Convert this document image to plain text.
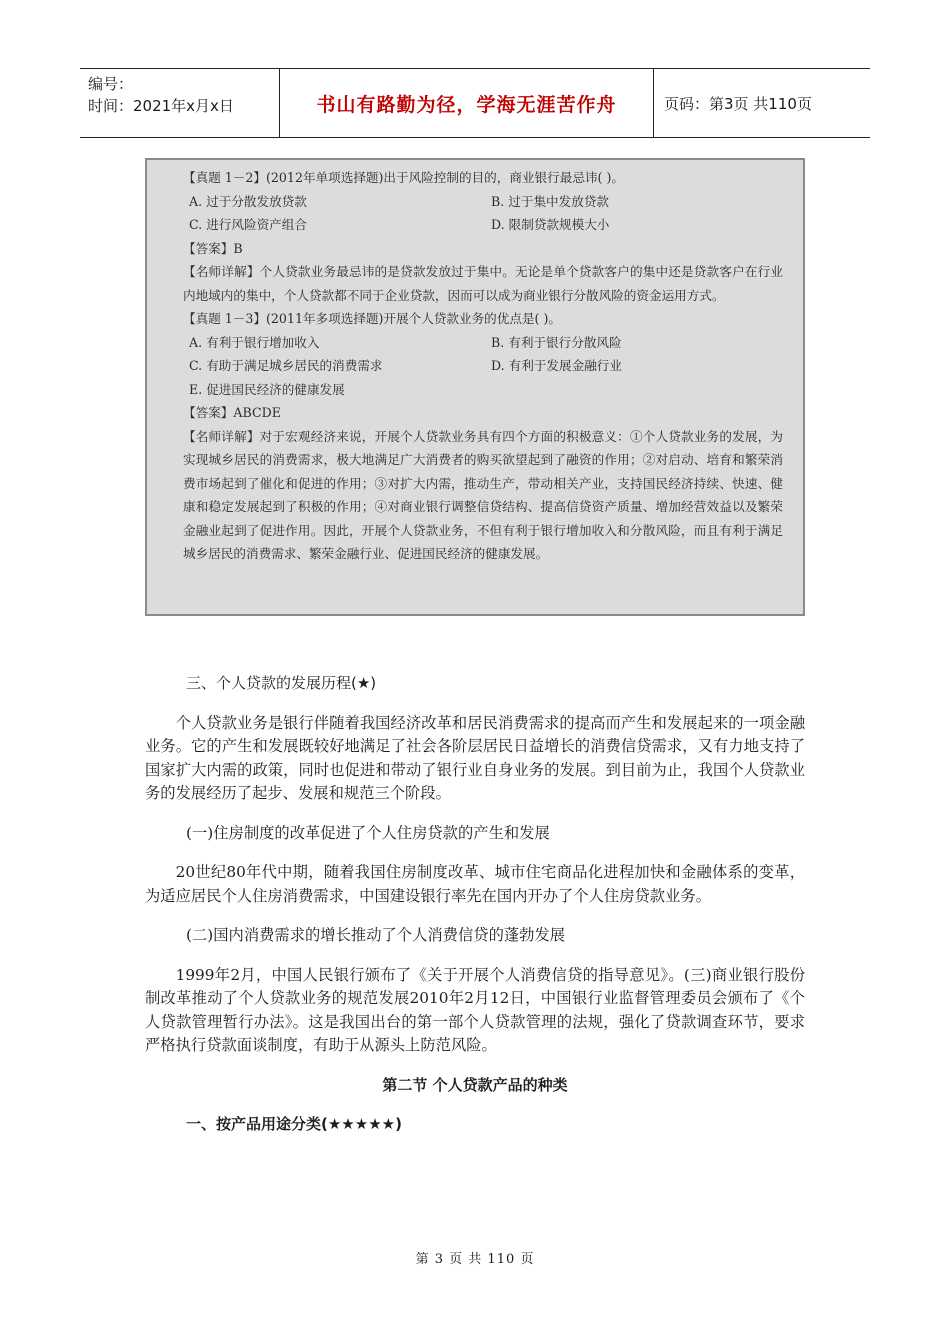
编号：
时间：2021年x月x日	书山有路勤为径，学海无涯苦作舟	页码：第3页 共110页
【真题 1－2】(2012年单项选择题)出于风险控制的目的，商业银行最忌讳( )。
A. 过于分散发放贷款	B. 过于集中发放贷款
C. 进行风险资产组合	D. 限制贷款规模大小
【答案】B
【名师详解】个人贷款业务最忌讳的是贷款发放过于集中。无论是单个贷款客户的集中还是贷款客户在行业内地域内的集中，个人贷款都不同于企业贷款，因而可以成为商业银行分散风险的资金运用方式。
【真题 1－3】(2011年多项选择题)开展个人贷款业务的优点是( )。
A. 有利于银行增加收入	B. 有利于银行分散风险
C. 有助于满足城乡居民的消费需求	D. 有利于发展金融行业
E. 促进国民经济的健康发展
【答案】ABCDE
【名师详解】对于宏观经济来说，开展个人贷款业务具有四个方面的积极意义：①个人贷款业务的发展，为实现城乡居民的消费需求，极大地满足广大消费者的购买欲望起到了融资的作用；②对启动、培育和繁荣消费市场起到了催化和促进的作用；③对扩大内需，推动生产，带动相关产业，支持国民经济持续、快速、健康和稳定发展起到了积极的作用；④对商业银行调整信贷结构、提高信贷资产质量、增加经营效益以及繁荣金融业起到了促进作用。因此，开展个人贷款业务，不但有利于银行增加收入和分散风险，而且有利于满足城乡居民的消费需求、繁荣金融行业、促进国民经济的健康发展。

三、个人贷款的发展历程(★)

个人贷款业务是银行伴随着我国经济改革和居民消费需求的提高而产生和发展起来的一项金融业务。它的产生和发展既较好地满足了社会各阶层居民日益增长的消费信贷需求，又有力地支持了国家扩大内需的政策，同时也促进和带动了银行业自身业务的发展。到目前为止，我国个人贷款业务的发展经历了起步、发展和规范三个阶段。

(一)住房制度的改革促进了个人住房贷款的产生和发展

20世纪80年代中期，随着我国住房制度改革、城市住宅商品化进程加快和金融体系的变革，为适应居民个人住房消费需求，中国建设银行率先在国内开办了个人住房贷款业务。

(二)国内消费需求的增长推动了个人消费信贷的蓬勃发展

1999年2月，中国人民银行颁布了《关于开展个人消费信贷的指导意见》。(三)商业银行股份制改革推动了个人贷款业务的规范发展2010年2月12日，中国银行业监督管理委员会颁布了《个人贷款管理暂行办法》。这是我国出台的第一部个人贷款管理的法规，强化了贷款调查环节，要求严格执行贷款面谈制度，有助于从源头上防范风险。

第二节 个人贷款产品的种类

一、按产品用途分类(★★★★★)

第 3 页 共 110 页
